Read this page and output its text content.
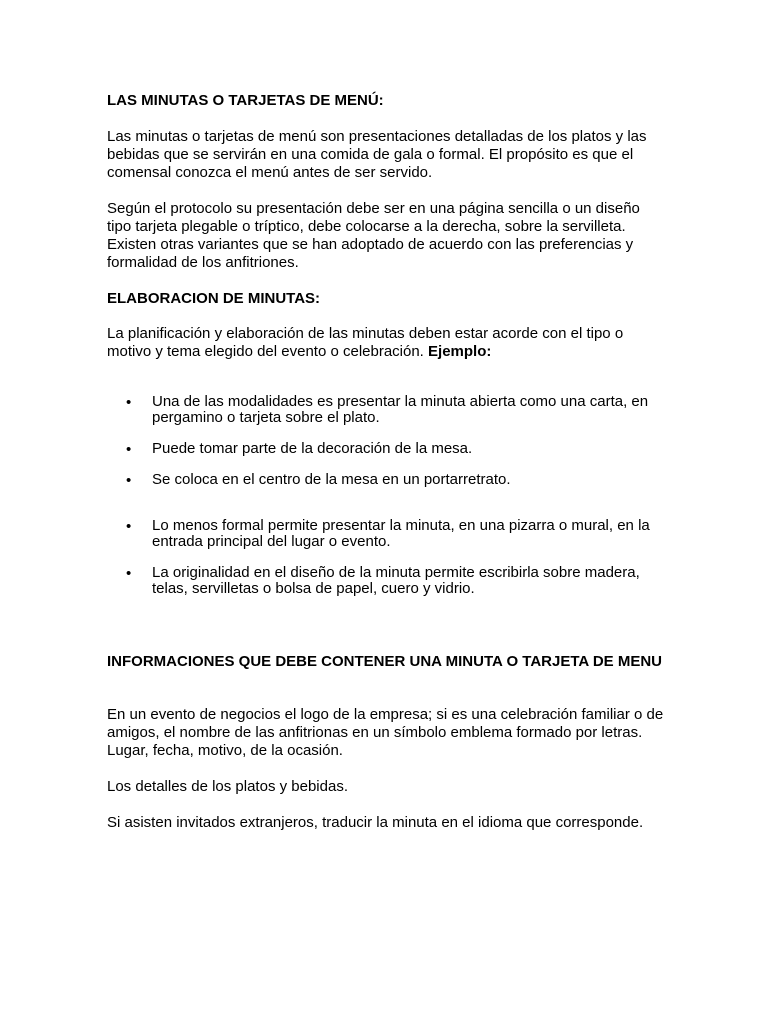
LAS MINUTAS O TARJETAS DE MENÚ:

Las minutas o tarjetas de menú son presentaciones detalladas de los platos y las bebidas que se servirán en una comida de gala o formal. El propósito es que el comensal conozca el menú antes de ser servido.

Según el protocolo su presentación debe ser en una página sencilla o un diseño tipo tarjeta plegable o tríptico, debe colocarse a la derecha, sobre la servilleta. Existen otras variantes que se han adoptado de acuerdo con las preferencias y formalidad de los anfitriones.

ELABORACION DE MINUTAS:

La planificación y elaboración de las minutas deben estar acorde con el tipo o motivo y tema elegido del evento o celebración. Ejemplo:

• Una de las modalidades es presentar la minuta abierta como una carta, en pergamino o tarjeta sobre el plato.
• Puede tomar parte de la decoración de la mesa.
• Se coloca en el centro de la mesa en un portarretrato.
• Lo menos formal permite presentar la minuta, en una pizarra o mural, en la entrada principal del lugar o evento.
• La originalidad en el diseño de la minuta permite escribirla sobre madera, telas, servilletas o bolsa de papel, cuero y vidrio.

INFORMACIONES QUE DEBE CONTENER UNA MINUTA O TARJETA DE MENU

En un evento de negocios el logo de la empresa; si es una celebración familiar o de amigos, el nombre de las anfitrionas en un símbolo emblema formado por letras. Lugar, fecha, motivo, de la ocasión.

Los detalles de los platos y bebidas.

Si asisten invitados extranjeros, traducir la minuta en el idioma que corresponde.
